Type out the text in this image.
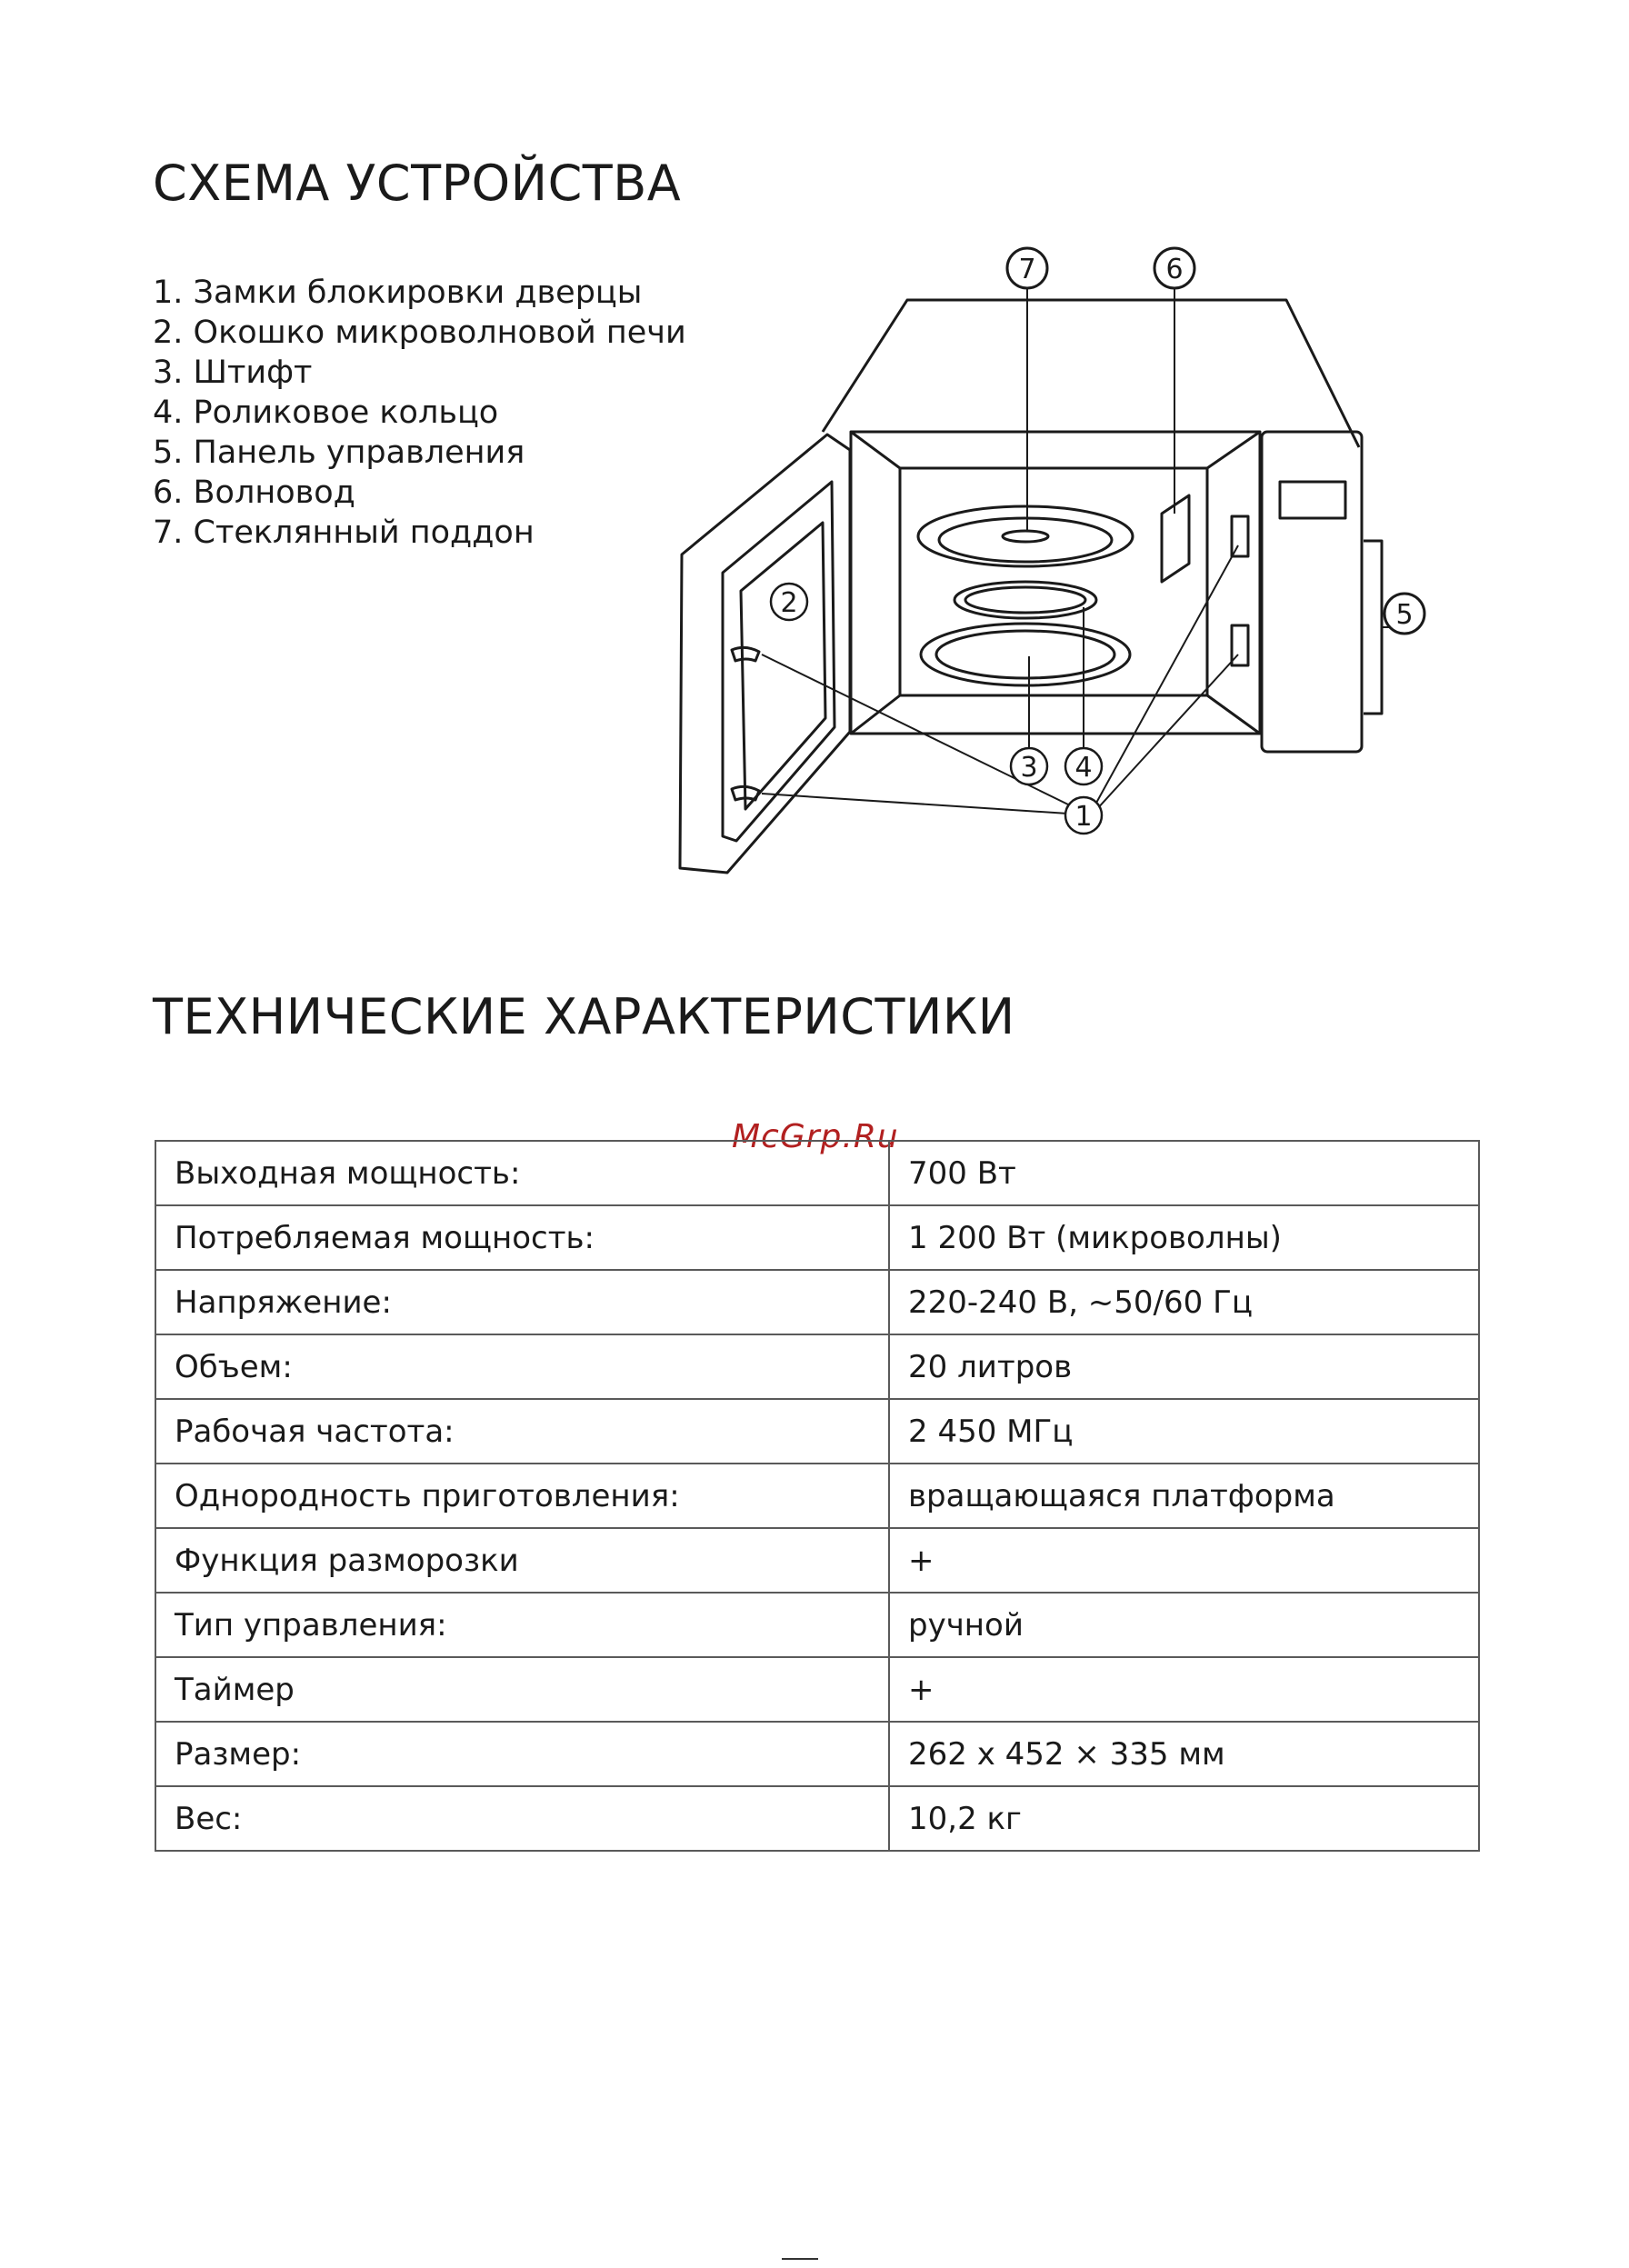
СХЕМА УСТРОЙСТВА
1. Замки блокировки дверцы
2. Окошко микроволновой печи
3. Штифт
4. Роликовое кольцо
5. Панель управления
6. Волновод
7. Стеклянный поддон
7	6
5
2
3 4
1
ТЕХНИЧЕСКИЕ ХАРАКТЕРИСТИКИ
McGrp.Ru
Выходная мощность:	700 Вт
Потребляемая мощность:	1 200 Вт (микроволны)
Напряжение:	220-240 В, ~50/60 Гц
Объем:	20 литров
Рабочая частота:	2 450 МГц
Однородность приготовления:	вращающаяся платформа
Функция разморозки	+
Тип управления:	ручной
Таймер	+
Размер:	262 x 452 × 335 мм
Вес:	10,2 кг
